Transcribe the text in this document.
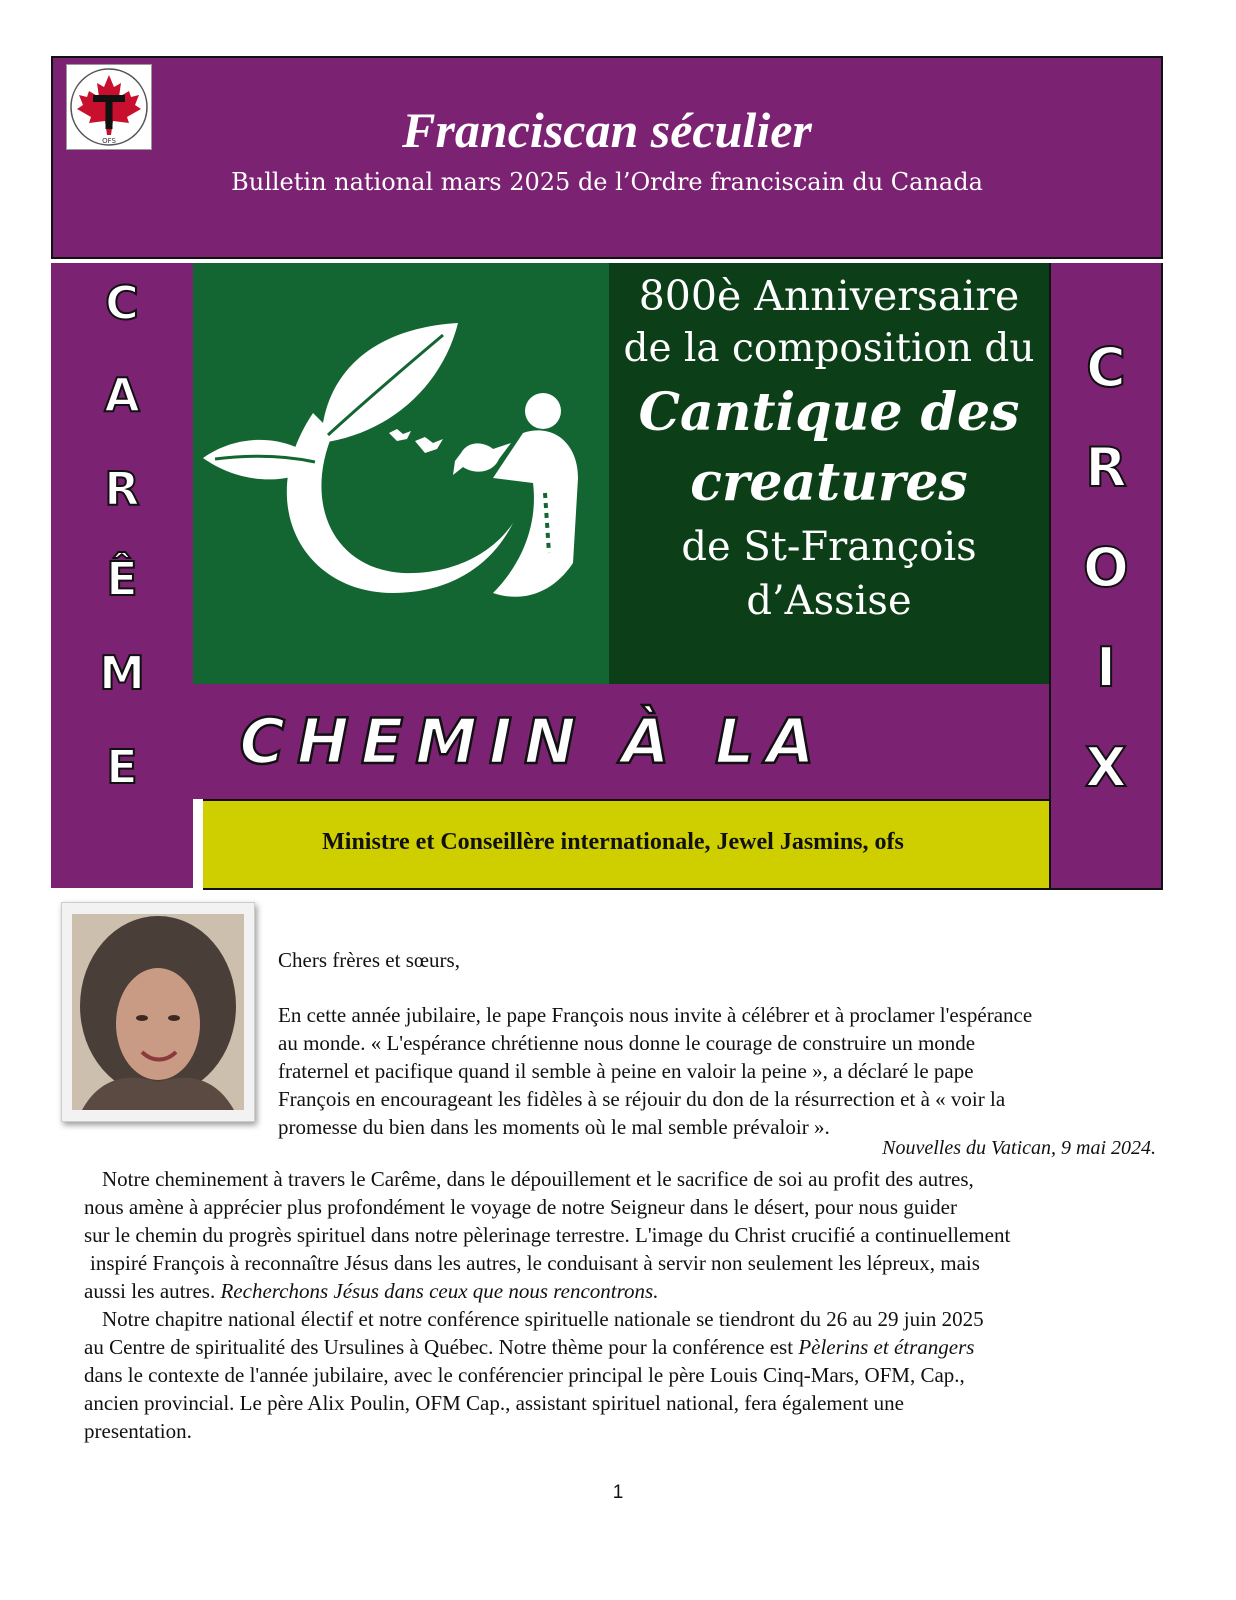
OFS	Franciscan séculier
Bulletin national mars 2025 de l’Ordre franciscain du Canada
C
A
R
Ê
M
E
C
R
O
I
X
800è Anniversaire
de la composition du
Cantique des
creatures
de St-François
d’Assise
CHEMIN À LA
Ministre et Conseillère internationale, Jewel Jasmins, ofs
Chers frères et sœurs,
En cette année jubilaire, le pape François nous invite à célébrer et à proclamer l'espérance
au monde. « L'espérance chrétienne nous donne le courage de construire un monde
fraternel et pacifique quand il semble à peine en valoir la peine », a déclaré le pape
François en encourageant les fidèles à se réjouir du don de la résurrection et à « voir la
promesse du bien dans les moments où le mal semble prévaloir ».
Nouvelles du Vatican, 9 mai 2024.
Notre cheminement à travers le Carême, dans le dépouillement et le sacrifice de soi au profit des autres,
nous amène à apprécier plus profondément le voyage de notre Seigneur dans le désert, pour nous guider
sur le chemin du progrès spirituel dans notre pèlerinage terrestre. L'image du Christ crucifié a continuellement
inspiré François à reconnaître Jésus dans les autres, le conduisant à servir non seulement les lépreux, mais
aussi les autres. Recherchons Jésus dans ceux que nous rencontrons.
Notre chapitre national électif et notre conférence spirituelle nationale se tiendront du 26 au 29 juin 2025
au Centre de spiritualité des Ursulines à Québec. Notre thème pour la conférence est Pèlerins et étrangers
dans le contexte de l'année jubilaire, avec le conférencier principal le père Louis Cinq-Mars, OFM, Cap.,
ancien provincial. Le père Alix Poulin, OFM Cap., assistant spirituel national, fera également une
presentation.
1
